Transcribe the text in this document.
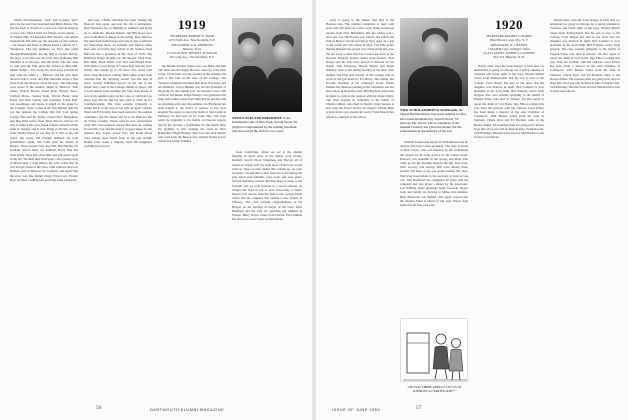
family divertissement. "Jack" and Lorraine "Rae" gave for me and Chet Kaufman and Mimi Jacobs. The trio has been at Oxford of a year now. Sent in based at a Coca Cola. Heard from old friends on the phone — in Chapel Hill, Ed Kennard, Bill Steuber, and Alfred Soderstrom. We shall see the outcome of this venture ... he Tucker and Elise at Hurdle Field. I offered by J. Thompson. The last numbers we have had come through Buckingham and the Hill is ancient history. We hope to be with you all at the June gathering. Bill Marshall is at Saratoga, and Jim Kelly, who has done so well with the firm, gives his address as Blue Hill, Maine. Ralph ... It is a long list, and I hope you will all bear with me while I ... Barbour and his wife have moved back to town, and Bob Merriam writes a fine letter from the midwest about his boys. The following were noted at the reunion dinner in Hanover: Seth Allen, Francis Brown, Rand Pratt, Harvey Snow, Clifford Morse, Stanley Kent, Warren Blake, Alan Porter and Dick Lyman. Our president, Frank Holt, was toastmaster and spoke at length on the plans for the Fortieth. Word comes from Ted Bartlett that his son has entered the College this fall. Last spring George Hart and his family visited New Hampshire, and Hap Ellis writes from Texas that he will not be able to make it this year. Frank Adams retired from the bank in January and is now living in Florida. A note from Harold Pierce to say that he is still at the old stand. Jim Carey and Dwight Olmsted are both grandfathers again. Stu Cobb gave the dinner in Boston. Those present were Ray Hill, Bill Nutting, Ed Gorham, Alfred Hurd, Joe Kimball, Harry Fisk and Walt Drake. They had a fine time and will report again in the fall. We shall miss Will Storrs, who passed away in March after a long illness; his wife writes that he was always proud of the class. John Sanborn and Lew Nichols were at Hanover for Carnival, and report that the snow was fine. Ralph Tobey, Earle Lord, Everett Hoyt and Ben Cushing sent greetings from California.

and sons. Charlie Sherman has been visiting the Hanover area again, and says the Inn is unchanged. Dud Shattuck's boy is finishing at Amherst and going on to medicine. Hooker Palmer and Bill Reed were seen at the Boston dinner in the spring. Russ Bellows has been back from Europe and reports that conditions are improving there. Al Kendall and Myron Stiles have sent word that they will be at the reunion. Fred Babcock has a grandson in the class of 1970. The Hamilton dinner brought out Jim Sawyer, Dick Pratt, Bob Hale, Elton Fuller, Carl Nye and Harold Bent. Walt Wells is now living in Connecticut near his son's family. Our thanks go to all those who wrote with news; keep the letters coming. Herb Ames writes from Vermont that the sugaring season was the best in years. George Whitman reports on his trip to the Orient and a visit to the College alumni in Tokyo. Sid Lowell retired from teaching last June. Ken Doane is now at his summer place on the Cape. A call from Lou Perry says that he and his wife plan to drive up for Commencement. The class extends sympathy to Arthur Rich on the loss of his wife in April. Charles Weed and Ed Stanley have been named to the reunion committee, and the dinner will be at the Hanover Inn on Friday evening. Please send in your reservations early. The class treasurer reports that dues are coming in well this year and the fund is in good shape for the reunion. Ray Foster, Lester Day, and Frank Wood were among those heard from in the past month. Homer Lane sends a clipping about his daughter's wedding in Concord.

1919
SECRETARY, ROBERT W. NASH
1073 North Ave., New Rochelle, N.Y.
TREASURER, A. R. ANDREWS
Hanover, N. H.
CLASS AGENT, HOWELL H. EDGAR
39 Loring Ave., New Rochelle, N.Y.

the Middle Atlantic States area, and Hank and Rita Van Kirk and the Edgar Browns came up from New Jersey. Ed Stevens was the speaker of the evening and gave a fine talk on the state of the College. The Vermont contingent included Bob Peck, Ed Chase, and Art Hubbard. Lloyd Hamlin was elected president of the group for the coming year. Joe Stearns is now with a firm in Rochester. Ralph Emery's son graduates this June. Jim Larkin writes from Ohio that he and his wife are planning a trip east this summer. Ted Holbrook has been named to the board of trustees of his local hospital. We regret to report the death of Sam Curtis in February; he had been ill for some time. The class sends its sympathy to his family. Al Prescott reports that he has become a grandfather for the fourth time. Ed Quimby is still running his farm in New Hampshire. Hugh Bradley, Tom Foss and Jack Merrill sent word from the Boston area. Warren Young is now retired and living in Maine.

NEWLY ELECTED PRESIDENT of the Dartmouth Club of New York, Sewall Wood '19 (right) is congratulated by the retiring president, who has served the club for two years.

from Cambridge, where we are at the alumni meeting in April. Also at the dinner were Norris, Kendall, Sewall Wood, Chapman, and Harvey, all of whom are doing well. We wish more of the boys would write in. News is what makes this column go. As your secretary, I would like to hear from all of you during the year about your families, your work, and your plans. Several men have written that they hope to come to the Fortieth, and we look forward to a record turnout. Al Wright has been ill but is now recovering at home. Morris Cole reports from the West Coast. George Dunn writes that his company has opened a new branch in Chicago. The class extends congratulations to Ed Hooper on his election as mayor of his town. Dick Burnham and his wife are spending the summer in Europe. Harry Noyes writes from Florida. Fred Gilman has moved to a new home in Westchester.

56	DARTMOUTH ALUMNI MAGAZINE

party is going to the annual Skit Day at the Hanover Inn. The reunion committee is busy with plans and will send out a letter soon. Hank Lockwood reports from New Hampshire that the winter was a hard one. Joe Hitchcock's son, David, has joined the firm in Boston. Erwin and Marty have gone on a trip to the south and will return in May. Carl Hill writes that his business has grown very much in the last year. We are sorry to hear that Les Corson has been in the hospital. Bernard Pollard writes from Detroit. Max Kruger and his wife have moved to Arizona for his health. Tom Patterson, Harold Emery and Ralph Whitney were at the spring meeting of the New York alumni. The Fine Arts Society of the College sent us word of the gift made by Ed Marcy. Jim Ashley has become chairman of his company's board. Walter Perkins has taken up painting in his retirement and has had a show in his home town. Phil Boynton writes that he plans to come to the reunion with his whole family. The class extends its sympathy to the family of Charles Gilbert, who died in March. Lynn Stevens is now with the Forest Service in Oregon. Charlie Hunt is back from a trip around the world. Frank Moody has retired as principal of his school.

TWO SCHOLARSHIPS of $2,000 each, the largest Dartmouth has ever been enabled to offer, have been established by Sewell Wood, '19 (above). Mr. Wood, who is a member of the Alumni Council, has given the money for the scholarships in the memory of his son.

William Farnsworth reports from Baltimore that he and his wife have a new grandson. The class is proud of Dick Towle, who was honored by his community last month for his long service on the school board. Hanover was beautiful in the spring, and those who came up for the meeting enjoyed the Inn. Ken Pratt, Walt Lovejoy and George Hill were among those present. We hope to see you at the reunion this June. Mail your reservations to the secretary as soon as you can. Tom Redmond has completed 30 years with his company and was given a dinner by his associates. Les Whiting sends greetings from Colorado. Roger Gale and family are moving to Maine this summer. Herb Ellsworth, our faithful class agent, reports that the Alumni Fund is ahead of last year. Please help make this the best year ever.

1920
SECRETARY, ROGERS L. BURNS
Blind Brook Lodge, Rye, N. Y.
TREASURER, A. J. BAILEY
1 Windmill Lane, Arlington, Mass.
CLASS AGENT, JOSEPH S. LANDERS
Box 313, Hanover, N. H.

Nearly there were the Lone Ranger is back and, we understand, is going to Chicago for a spring roundup of Twenties and board eight of the boys. Harold Merrill writes from Pennsylvania that his son is now at the College. Fred Thayer has sent in the news that his daughter was married in April. Bob Lambert is now president of his local bank. Bill Whitney writes from Oregon. The class extends sympathy to the family of Eugene Stiles, who died in January. We also regret to report the death of Carl Foster. Ray Ellis is retiring this year from his position with the railroad. Leon Parker has been made a director of the state Chamber of Commerce. Walt Barnes writes from his farm in Vermont. Chuck Dyer and Ed Harmon came to the Boston dinner. The reunion plans are going well, and we hope that all of you will be there in June. Frank Rowell, Jack Hastings, Herman Sears and Joe Mitchell have sent in their reservations.

"DO YOU THINK THEY'LL LET US IN WITHOUT A CERTIFICATE?"

Nearly there were the Lone Ranger is back and, we understand, is going to Chicago for a spring roundup of Twenties and board eight of the boys. Harold Merrill writes from Pennsylvania that his son is now at the College. Fred Thayer has sent in the news that his daughter was married in April. Bob Lambert is now president of his local bank. Bill Whitney writes from Oregon. The class extends sympathy to the family of Eugene Stiles, who died in January. We also regret to report the death of Carl Foster. Ray Ellis is retiring this year from his position with the railroad. Leon Parker has been made a director of the state Chamber of Commerce. Walt Barnes writes from his farm in Vermont. Chuck Dyer and Ed Harmon came to the Boston dinner. The reunion plans are going well, and we hope that all of you will be there in June. Frank Rowell, Jack Hastings, Herman Sears and Joe Mitchell have sent in their reservations.

ISSUE OF JUNE 1950	57
